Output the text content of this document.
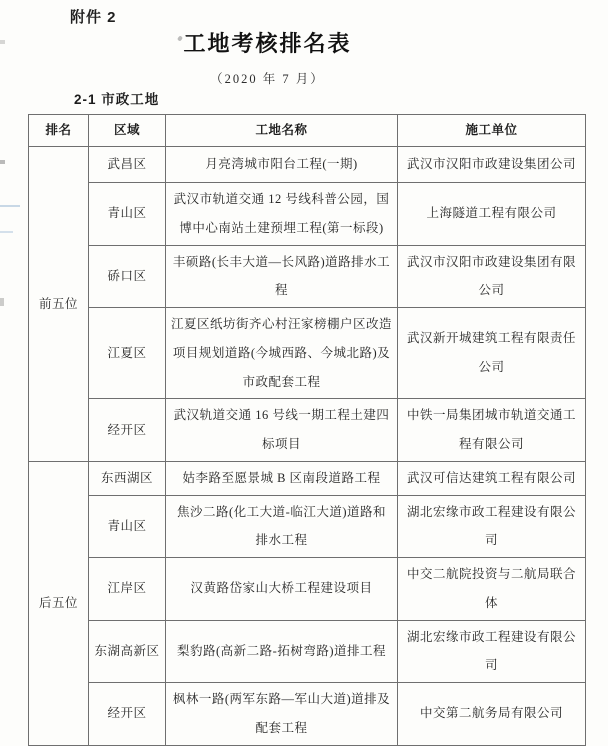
附件 2
工地考核排名表
（2020 年 7 月）
2-1 市政工地
排名	区域	工地名称	施工单位
前五位	武昌区	月亮湾城市阳台工程(一期)	武汉市汉阳市政建设集团公司
	青山区	武汉市轨道交通 12 号线科普公园，国博中心南站土建预埋工程(第一标段)	上海隧道工程有限公司
	硚口区	丰硕路(长丰大道—长风路)道路排水工程	武汉市汉阳市政建设集团有限公司
	江夏区	江夏区纸坊街齐心村汪家榜棚户区改造项目规划道路(今城西路、今城北路)及市政配套工程	武汉新开城建筑工程有限责任公司
	经开区	武汉轨道交通 16 号线一期工程土建四标项目	中铁一局集团城市轨道交通工程有限公司
后五位	东西湖区	姑李路至愿景城 B 区南段道路工程	武汉可信达建筑工程有限公司
	青山区	焦沙二路(化工大道-临江大道)道路和排水工程	湖北宏缘市政工程建设有限公司
	江岸区	汉黄路岱家山大桥工程建设项目	中交二航院投资与二航局联合体
	东湖高新区	梨豹路(高新二路-拓树弯路)道排工程	湖北宏缘市政工程建设有限公司
	经开区	枫林一路(两军东路—军山大道)道排及配套工程	中交第二航务局有限公司
